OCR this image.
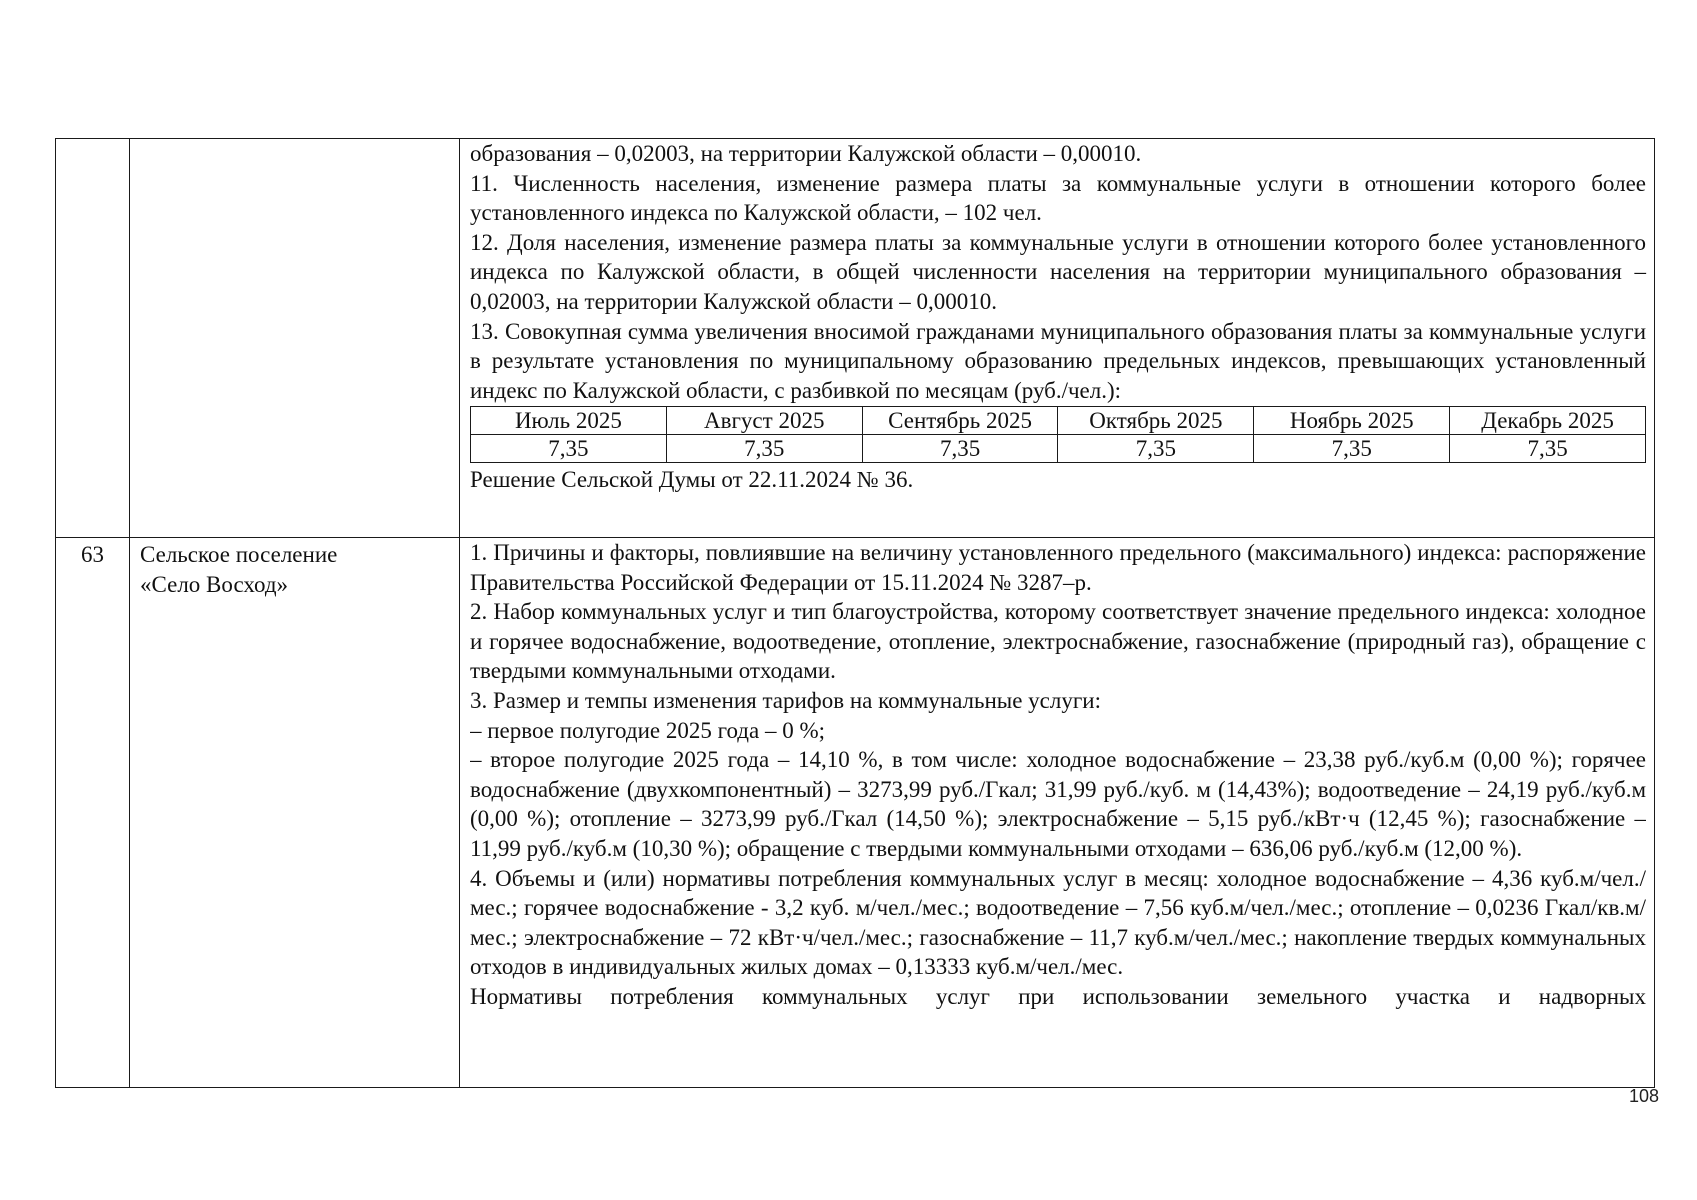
образования – 0,02003, на территории Калужской области – 0,00010.

11. Численность населения, изменение размера платы за коммунальные услуги в отношении которого более установленного индекса по Калужской области, – 102 чел.

12. Доля населения, изменение размера платы за коммунальные услуги в отношении которого более установленного индекса по Калужской области, в общей численности населения на территории муниципального образования – 0,02003, на территории Калужской области – 0,00010.

13. Совокупная сумма увеличения вносимой гражданами муниципального образования платы за коммунальные услуги в результате установления по муниципальному образованию предельных индексов, превышающих установленный индекс по Калужской области, с разбивкой по месяцам (руб./чел.):

Июль 2025	Август 2025	Сентябрь 2025	Октябрь 2025	Ноябрь 2025	Декабрь 2025
7,35	7,35	7,35	7,35	7,35	7,35

Решение Сельской Думы от 22.11.2024 № 36.

63	Сельское поселение
«Село Восход»

1. Причины и факторы, повлиявшие на величину установленного предельного (максимального) индекса: распоряжение Правительства Российской Федерации от 15.11.2024 № 3287–р.

2. Набор коммунальных услуг и тип благоустройства, которому соответствует значение предельного индекса: холодное и горячее водоснабжение, водоотведение, отопление, электроснабжение, газоснабжение (природный газ), обращение с твердыми коммунальными отходами.

3. Размер и темпы изменения тарифов на коммунальные услуги:

– первое полугодие 2025 года – 0 %;

– второе полугодие 2025 года – 14,10 %, в том числе: холодное водоснабжение – 23,38 руб./куб.м (0,00 %); горячее водоснабжение (двухкомпонентный) – 3273,99 руб./Гкал; 31,99 руб./куб. м (14,43%); водоотведение – 24,19 руб./куб.м (0,00 %); отопление – 3273,99 руб./Гкал (14,50 %); электроснабжение – 5,15 руб./кВт·ч (12,45 %); газоснабжение – 11,99 руб./куб.м (10,30 %); обращение с твердыми коммунальными отходами – 636,06 руб./куб.м (12,00 %).

4. Объемы и (или) нормативы потребления коммунальных услуг в месяц: холодное водоснабжение – 4,36 куб.м/чел./мес.; горячее водоснабжение - 3,2 куб. м/чел./мес.; водоотведение – 7,56 куб.м/чел./мес.; отопление – 0,0236 Гкал/кв.м/мес.; электроснабжение – 72 кВт·ч/чел./мес.; газоснабжение – 11,7 куб.м/чел./мес.; накопление твердых коммунальных отходов в индивидуальных жилых домах – 0,13333 куб.м/чел./мес.

Нормативы потребления коммунальных услуг при использовании земельного участка и надворных

108
